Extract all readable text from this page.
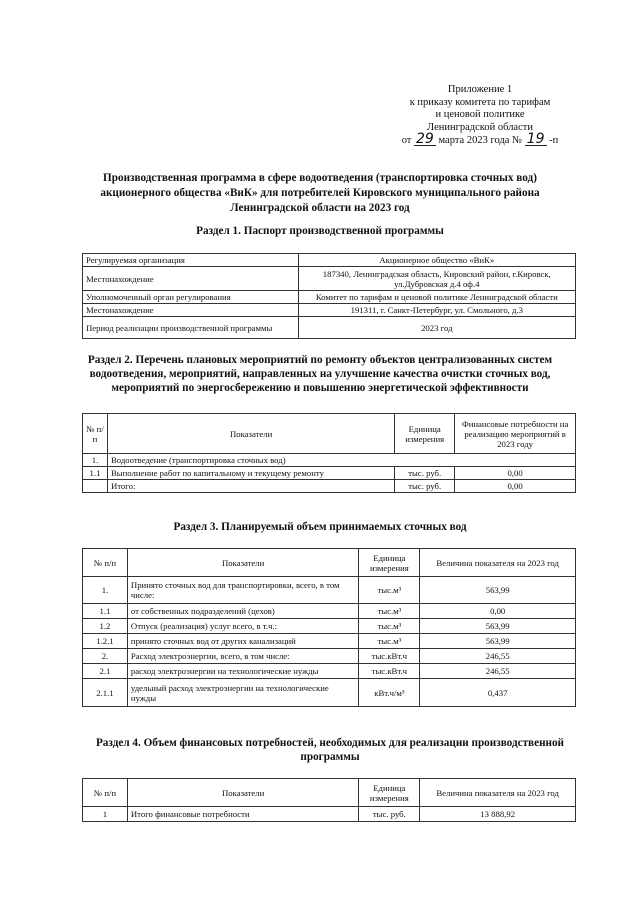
Приложение 1
к приказу комитета по тарифам
и ценовой политике
Ленинградской области
от 29 марта 2023 года № 19 -п
Производственная программа в сфере водоотведения (транспортировка сточных вод)
акционерного общества «ВиК» для потребителей Кировского муниципального района
Ленинградской области на 2023 год
Раздел 1. Паспорт производственной программы
Регулируемая организация	Акционерное общество «ВиК»
Местонахождение	187340, Ленинградская область, Кировский район, г.Кировск, ул.Дубровская д.4 оф.4
Уполномоченный орган регулирования	Комитет по тарифам и ценовой политике Ленинградской области
Местонахождение	191311, г. Санкт-Петербург, ул. Смольного, д.3
Период реализации производственной программы	2023 год
Раздел 2. Перечень плановых мероприятий по ремонту объектов централизованных систем
водоотведения, мероприятий, направленных на улучшение качества очистки сточных вод,
мероприятий по энергосбережению и повышению энергетической эффективности
№ п/п	Показатели	Единица измерения	Финансовые потребности на реализацию мероприятий в 2023 году
1.	Водоотведение (транспортировка сточных вод)		
1.1	Выполнение работ по капитальному и текущему ремонту	тыс. руб.	0,00
	Итого:	тыс. руб.	0,00
Раздел 3. Планируемый объем принимаемых сточных вод
№ п/п	Показатели	Единица измерения	Величина показателя на 2023 год
1.	Принято сточных вод для транспортировки, всего, в том числе:	тыс.м³	563,99
1.1	от собственных подразделений (цехов)	тыс.м³	0,00
1.2	Отпуск (реализация) услуг всего, в т.ч.:	тыс.м³	563,99
1.2.1	принято сточных вод от других канализаций	тыс.м³	563,99
2.	Расход электроэнергии, всего, в том числе:	тыс.кВт.ч	246,55
2.1	расход электроэнергии на технологические нужды	тыс.кВт.ч	246,55
2.1.1	удельный расход электроэнергии на технологические нужды	кВт.ч/м³	0,437
Раздел 4. Объем финансовых потребностей, необходимых для реализации производственной
программы
№ п/п	Показатели	Единица измерения	Величина показателя на 2023 год
1	Итого финансовые потребности	тыс. руб.	13 888,92
